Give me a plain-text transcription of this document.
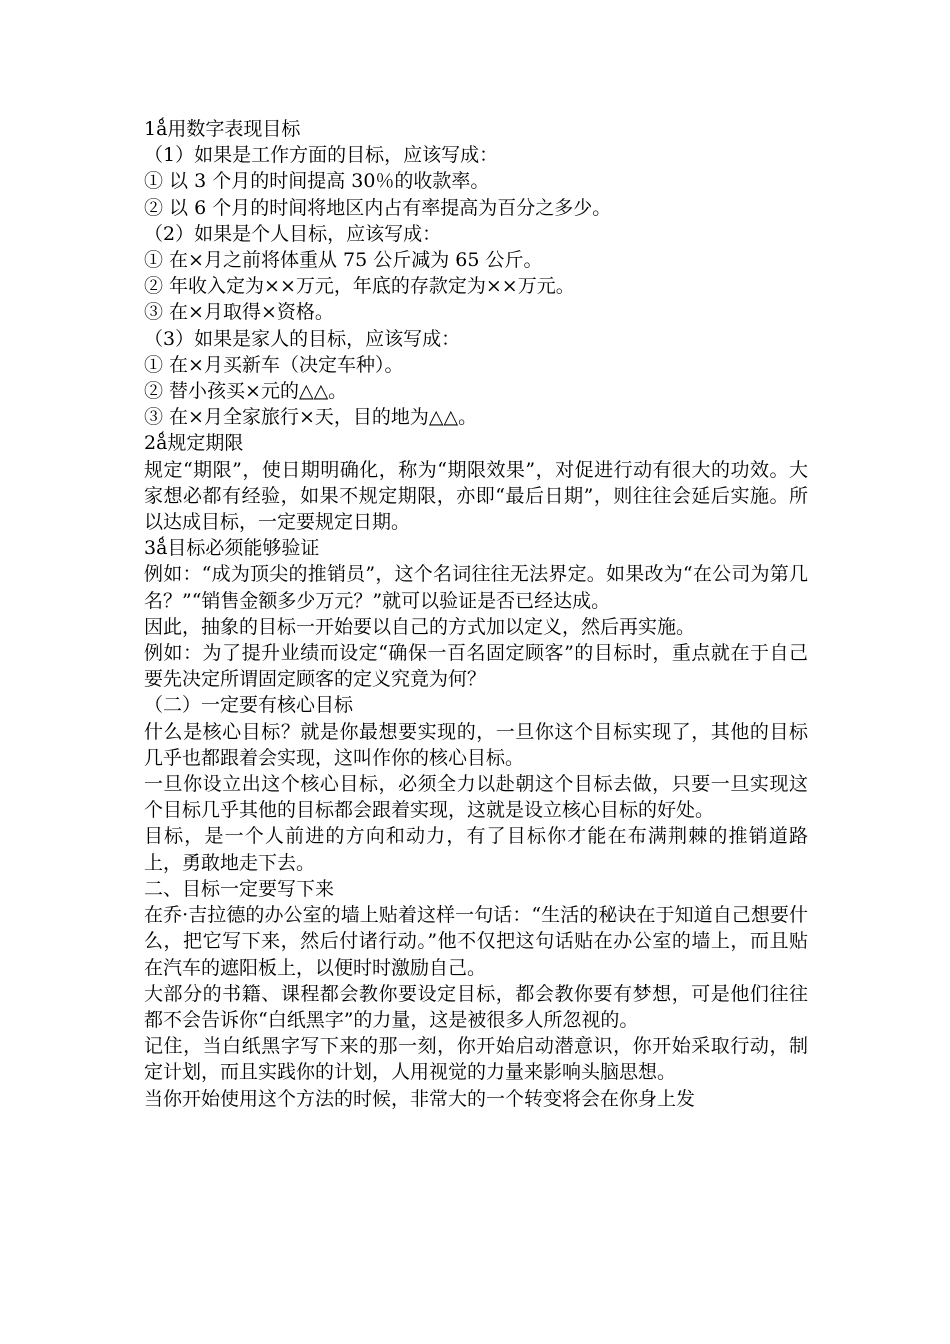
1ǻ用数字表现目标
（1）如果是工作方面的目标，应该写成：
① 以 3 个月的时间提高 30％的收款率。
② 以 6 个月的时间将地区内占有率提高为百分之多少。
（2）如果是个人目标，应该写成：
① 在×月之前将体重从 75 公斤减为 65 公斤。
② 年收入定为××万元，年底的存款定为××万元。
③ 在×月取得×资格。
（3）如果是家人的目标，应该写成：
① 在×月买新车（决定车种）。
② 替小孩买×元的△△。
③ 在×月全家旅行×天，目的地为△△。
2ǻ规定期限
规定“期限”，使日期明确化，称为“期限效果”，对促进行动有很大的功效。大家想必都有经验，如果不规定期限，亦即“最后日期”，则往往会延后实施。所以达成目标，一定要规定日期。
3ǻ目标必须能够验证
例如：“成为顶尖的推销员”，这个名词往往无法界定。如果改为“在公司为第几名？”“销售金额多少万元？”就可以验证是否已经达成。
因此，抽象的目标一开始要以自己的方式加以定义，然后再实施。
例如：为了提升业绩而设定“确保一百名固定顾客”的目标时，重点就在于自己要先决定所谓固定顾客的定义究竟为何？
（二）一定要有核心目标
什么是核心目标？就是你最想要实现的，一旦你这个目标实现了，其他的目标几乎也都跟着会实现，这叫作你的核心目标。
一旦你设立出这个核心目标，必须全力以赴朝这个目标去做，只要一旦实现这个目标几乎其他的目标都会跟着实现，这就是设立核心目标的好处。
目标，是一个人前进的方向和动力，有了目标你才能在布满荆棘的推销道路上，勇敢地走下去。
二、目标一定要写下来
在乔·吉拉德的办公室的墙上贴着这样一句话：“生活的秘诀在于知道自己想要什么，把它写下来，然后付诸行动。”他不仅把这句话贴在办公室的墙上，而且贴在汽车的遮阳板上，以便时时激励自己。
大部分的书籍、课程都会教你要设定目标，都会教你要有梦想，可是他们往往都不会告诉你“白纸黑字”的力量，这是被很多人所忽视的。
记住，当白纸黑字写下来的那一刻，你开始启动潜意识，你开始采取行动，制定计划，而且实践你的计划，人用视觉的力量来影响头脑思想。
当你开始使用这个方法的时候，非常大的一个转变将会在你身上发
